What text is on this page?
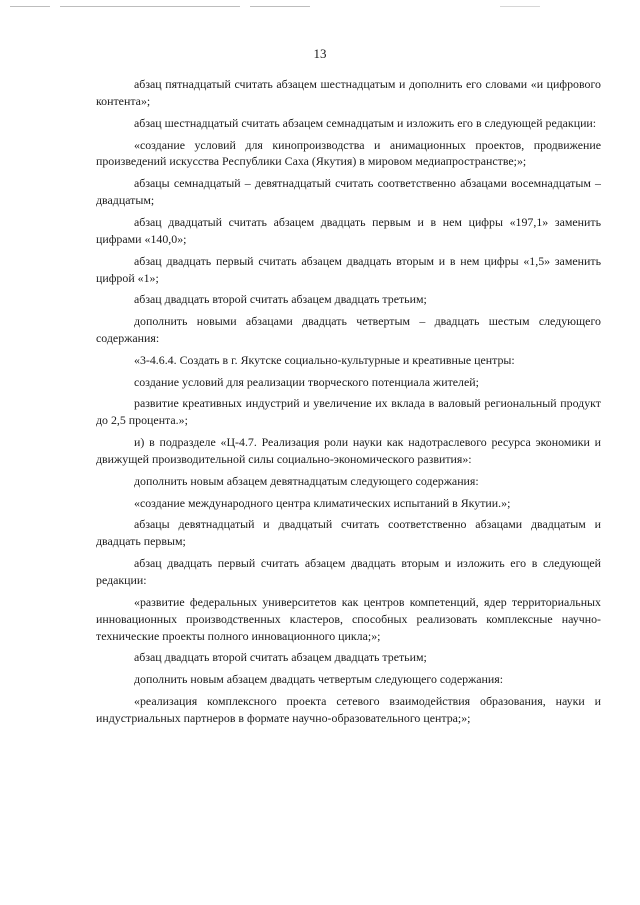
13

абзац пятнадцатый считать абзацем шестнадцатым и дополнить его словами «и цифрового контента»;

абзац шестнадцатый считать абзацем семнадцатым и изложить его в следующей редакции:

«создание условий для кинопроизводства и анимационных проектов, продвижение произведений искусства Республики Саха (Якутия) в мировом медиапространстве;»;

абзацы семнадцатый – девятнадцатый считать соответственно абзацами восемнадцатым – двадцатым;

абзац двадцатый считать абзацем двадцать первым и в нем цифры «197,1» заменить цифрами «140,0»;

абзац двадцать первый считать абзацем двадцать вторым и в нем цифры «1,5» заменить цифрой «1»;

абзац двадцать второй считать абзацем двадцать третьим;

дополнить новыми абзацами двадцать четвертым – двадцать шестым следующего содержания:

«3-4.6.4. Создать в г. Якутске социально-культурные и креативные центры:

создание условий для реализации творческого потенциала жителей;

развитие креативных индустрий и увеличение их вклада в валовый региональный продукт до 2,5 процента.»;

и) в подразделе «Ц-4.7. Реализация роли науки как надотраслевого ресурса экономики и движущей производительной силы социально-экономического развития»:

дополнить новым абзацем девятнадцатым следующего содержания:

«создание международного центра климатических испытаний в Якутии.»;

абзацы девятнадцатый и двадцатый считать соответственно абзацами двадцатым и двадцать первым;

абзац двадцать первый считать абзацем двадцать вторым и изложить его в следующей редакции:

«развитие федеральных университетов как центров компетенций, ядер территориальных инновационных производственных кластеров, способных реализовать комплексные научно-технические проекты полного инновационного цикла;»;

абзац двадцать второй считать абзацем двадцать третьим;

дополнить новым абзацем двадцать четвертым следующего содержания:

«реализация комплексного проекта сетевого взаимодействия образования, науки и индустриальных партнеров в формате научно-образовательного центра;»;
